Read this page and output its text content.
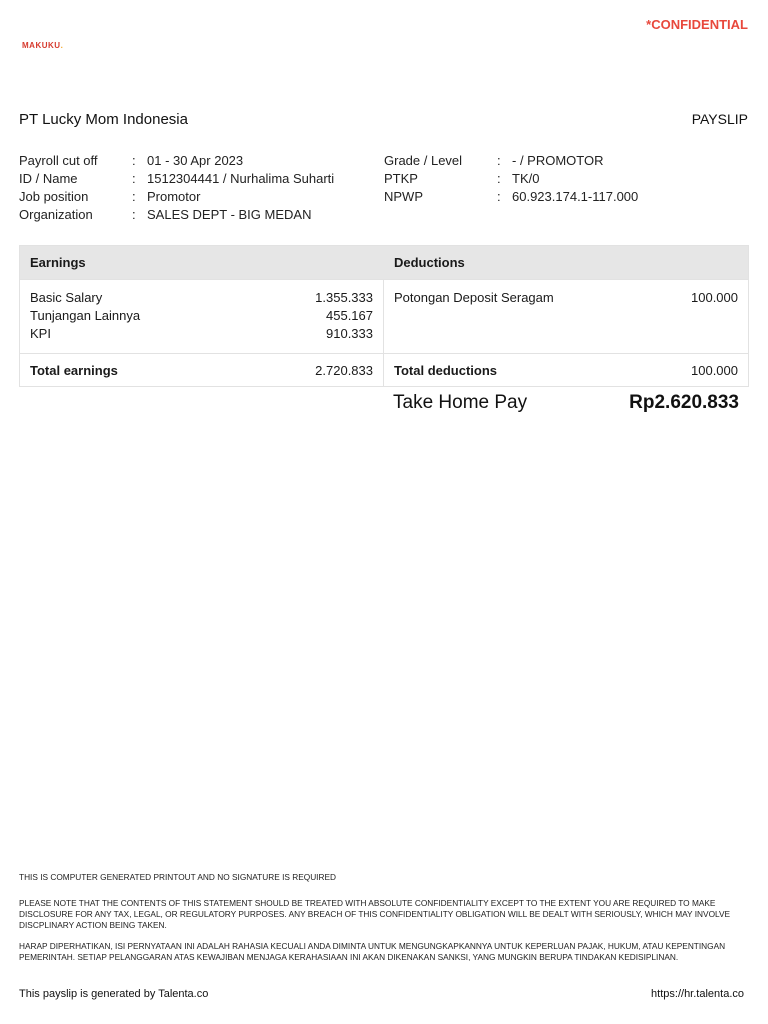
*CONFIDENTIAL
MAKUKU.
PT Lucky Mom Indonesia	PAYSLIP
Payroll cut off	: 01 - 30 Apr 2023
ID / Name	: 1512304441 / Nurhalima Suharti
Job position	: Promotor
Organization	: SALES DEPT - BIG MEDAN
Grade / Level	: - / PROMOTOR
PTKP	: TK/0
NPWP	: 60.923.174.1-117.000
Earnings	Deductions
Basic Salary	1.355.333
Tunjangan Lainnya	455.167
KPI	910.333
Potongan Deposit Seragam	100.000
Total earnings	2.720.833 Total deductions	100.000
Take Home Pay	Rp2.620.833
THIS IS COMPUTER GENERATED PRINTOUT AND NO SIGNATURE IS REQUIRED
PLEASE NOTE THAT THE CONTENTS OF THIS STATEMENT SHOULD BE TREATED WITH ABSOLUTE CONFIDENTIALITY EXCEPT TO THE EXTENT YOU ARE REQUIRED TO MAKE DISCLOSURE FOR ANY TAX, LEGAL, OR REGULATORY PURPOSES. ANY BREACH OF THIS CONFIDENTIALITY OBLIGATION WILL BE DEALT WITH SERIOUSLY, WHICH MAY INVOLVE DISCPLINARY ACTION BEING TAKEN.
HARAP DIPERHATIKAN, ISI PERNYATAAN INI ADALAH RAHASIA KECUALI ANDA DIMINTA UNTUK MENGUNGKAPKANNYA UNTUK KEPERLUAN PAJAK, HUKUM, ATAU KEPENTINGAN PEMERINTAH. SETIAP PELANGGARAN ATAS KEWAJIBAN MENJAGA KERAHASIAAN INI AKAN DIKENAKAN SANKSI, YANG MUNGKIN BERUPA TINDAKAN KEDISIPLINAN.
This payslip is generated by Talenta.co	https://hr.talenta.co
